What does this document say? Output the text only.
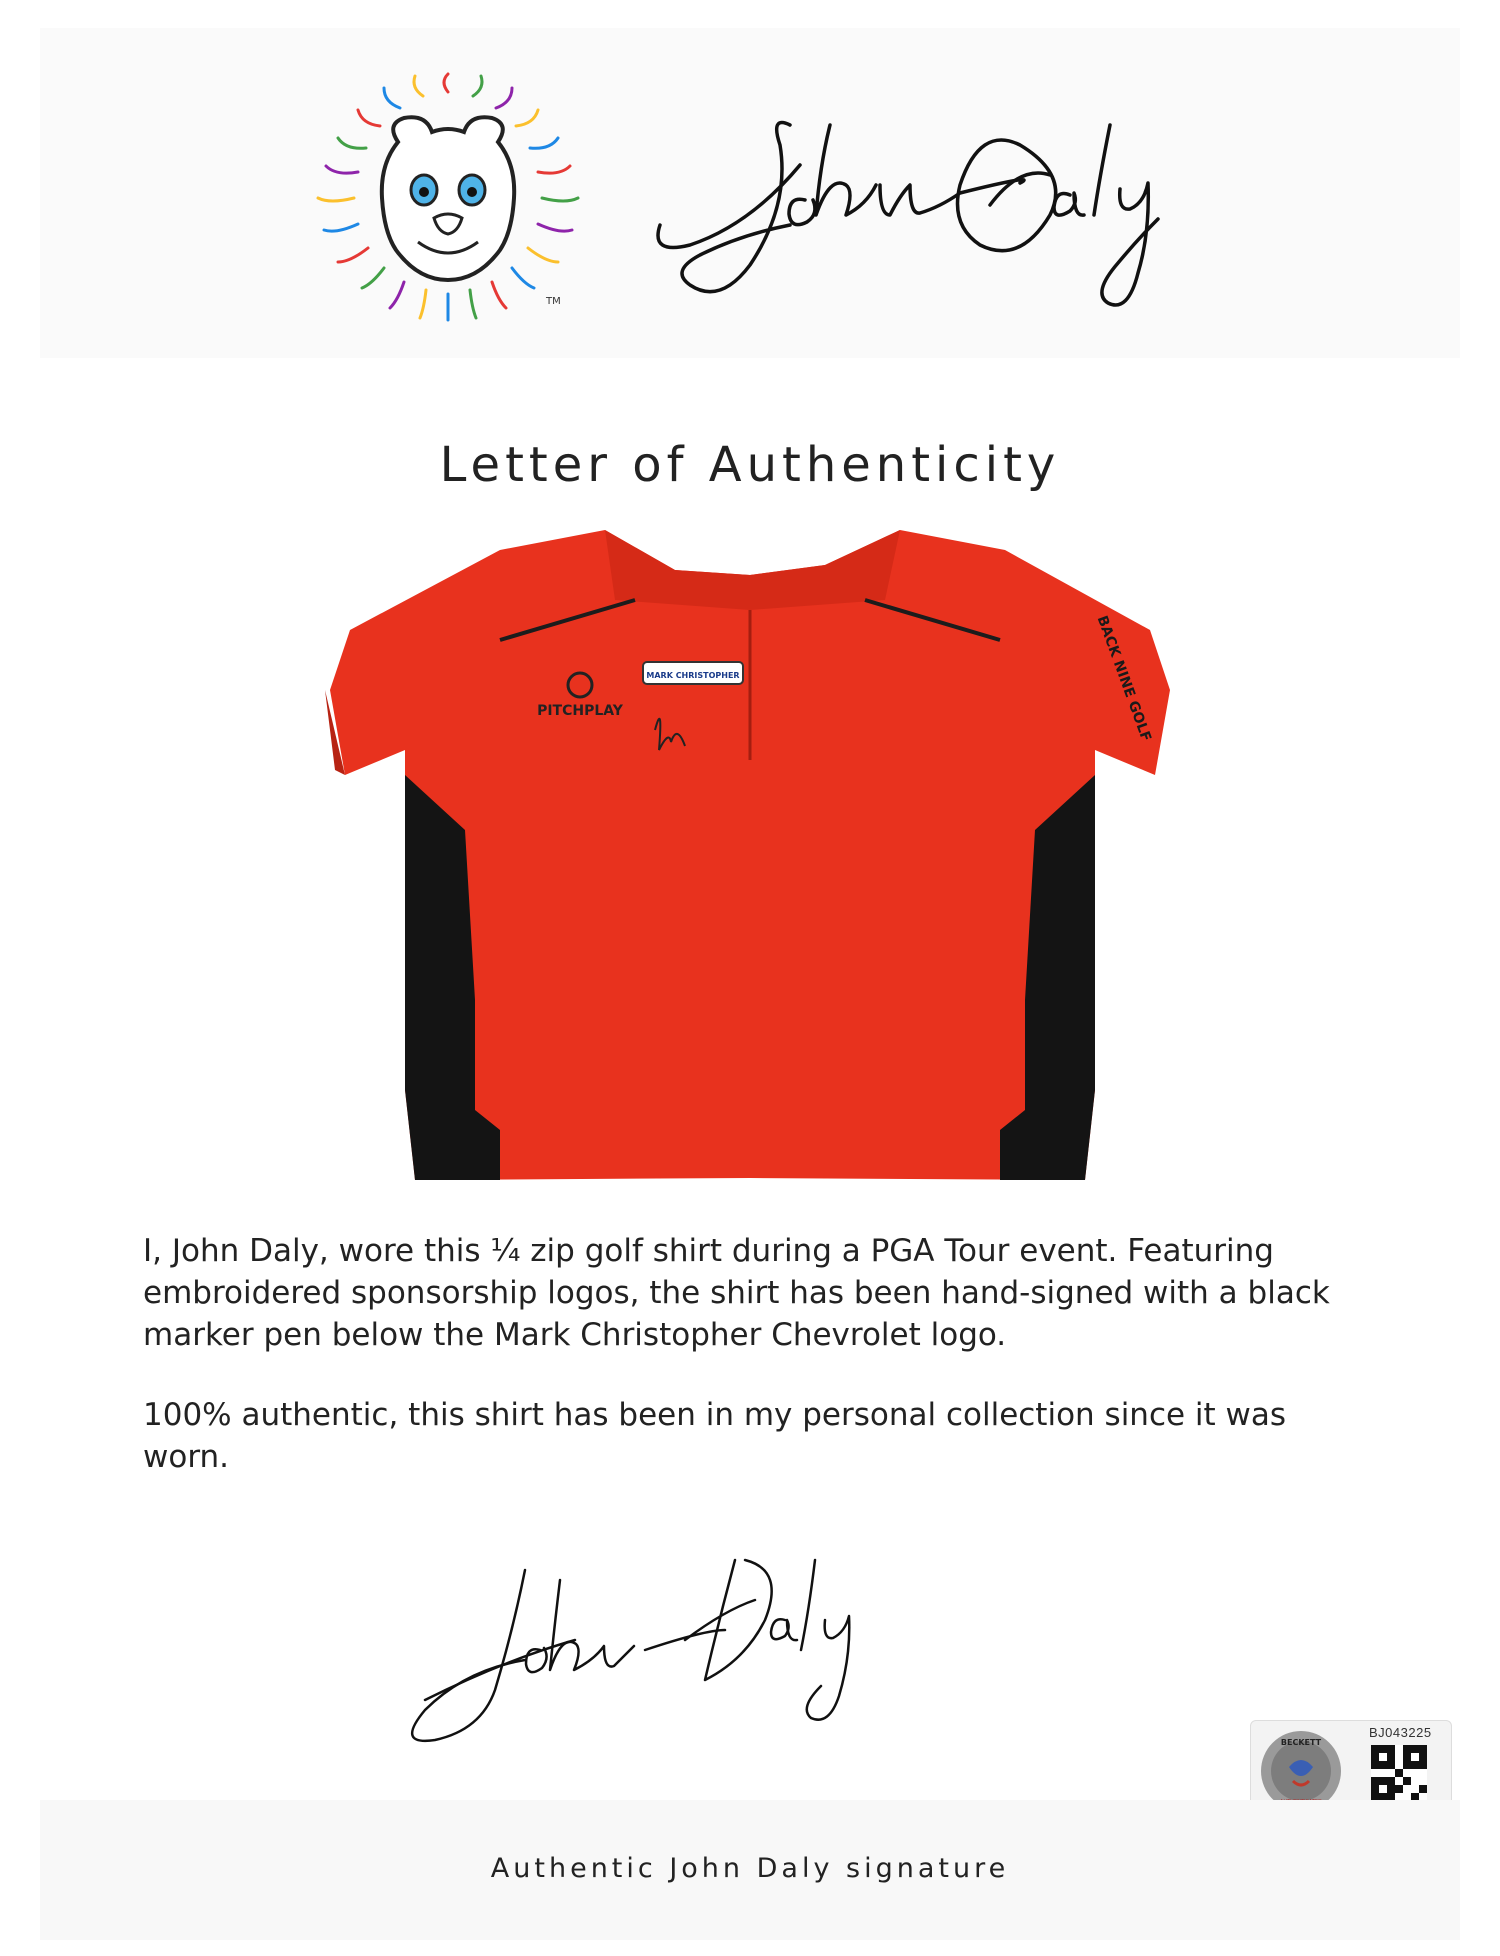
TM
Letter of Authenticity
PITCHPLAY
MARK CHRISTOPHER	BACK NINE GOLF

I, John Daly, wore this ¼ zip golf shirt during a PGA Tour event. Featuring embroidered sponsorship logos, the shirt has been hand-signed with a black marker pen below the Mark Christopher Chevrolet logo.

100% authentic, this shirt has been in my personal collection since it was worn.

BECKETT
BJ043225
Authentic John Daly signature
